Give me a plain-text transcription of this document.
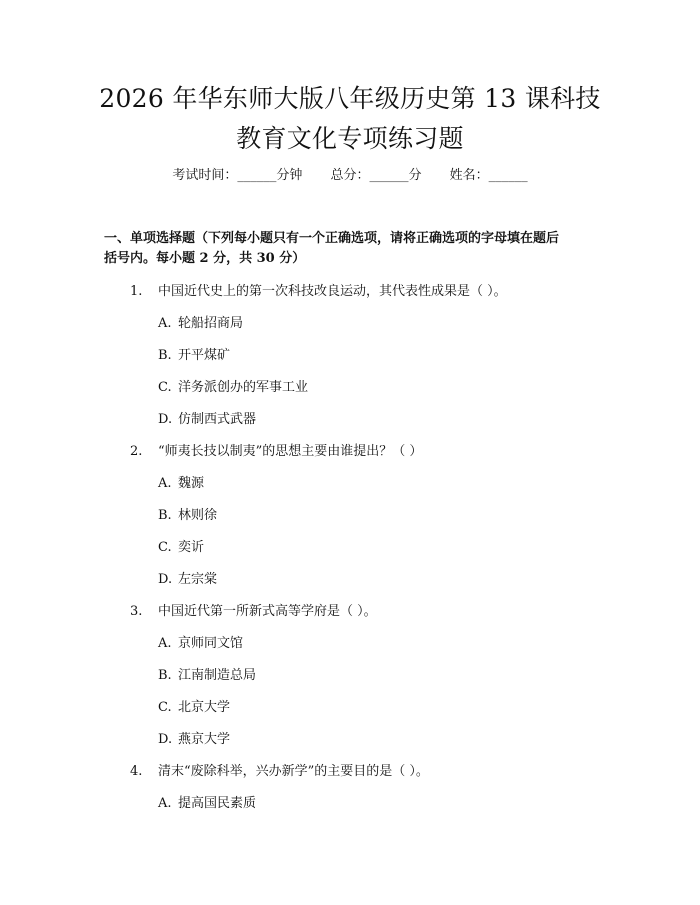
2026 年华东师大版八年级历史第 13 课科技
教育文化专项练习题
考试时间：______分钟 总分：______分 姓名：______
一、单项选择题（下列每小题只有一个正确选项，请将正确选项的字母填在题后
括号内。每小题 2 分，共 30 分）
1. 中国近代史上的第一次科技改良运动，其代表性成果是（ ）。
A. 轮船招商局
B. 开平煤矿
C. 洋务派创办的军事工业
D. 仿制西式武器
2. “师夷长技以制夷”的思想主要由谁提出？（ ）
A. 魏源
B. 林则徐
C. 奕䜣
D. 左宗棠
3. 中国近代第一所新式高等学府是（ ）。
A. 京师同文馆
B. 江南制造总局
C. 北京大学
D. 燕京大学
4. 清末“废除科举，兴办新学”的主要目的是（ ）。
A. 提高国民素质
